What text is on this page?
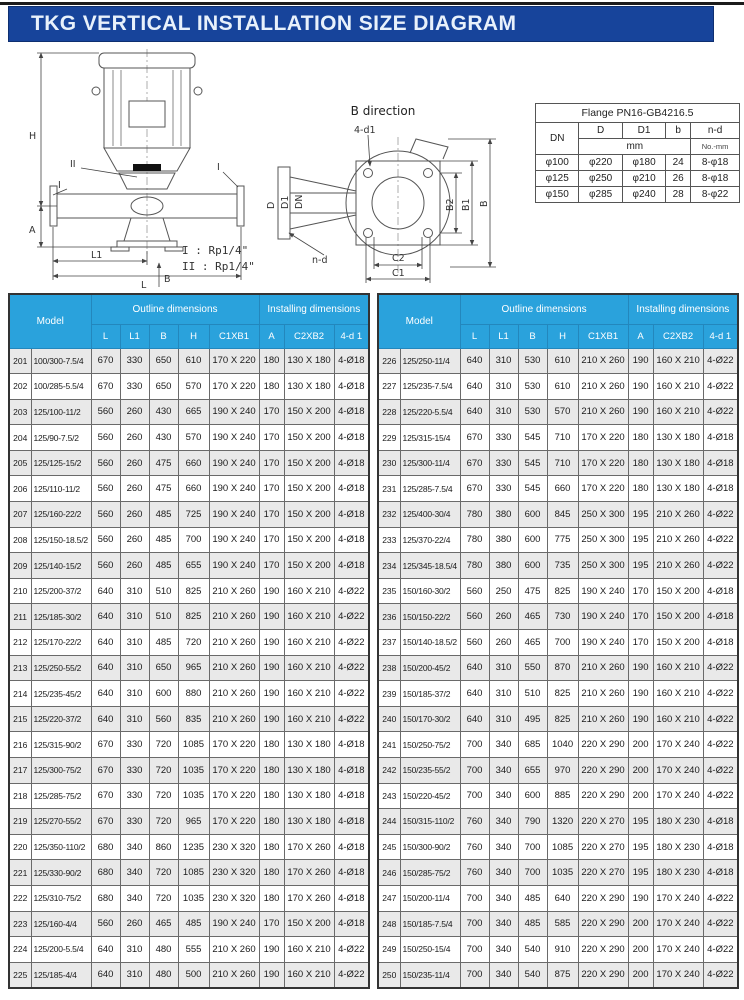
TKG VERTICAL INSTALLATION SIZE DIAGRAM
H
A
L1
L
B
II
I
I
B direction
4-d1
D D1 DN
n-d	C2
C1
B2 B1 B
I : Rp1/4"
II : Rp1/4"
Flange PN16-GB4216.5				
DN	D	D1	b	n-d
	mm			No.-mm
φ100	φ220	φ180	24	8-φ18
φ125	φ250	φ210	26	8-φ18
φ150	φ285	φ240	28	8-φ22
Model		Outline dimensions					Installing dimensions		
		L	L1	B	H	C1XB1	A	C2XB2	4-d 1
201	100/300-7.5/4	670	330	650	610	170 X 220	180	130 X 180	4-Ø18
202	100/285-5.5/4	670	330	650	570	170 X 220	180	130 X 180	4-Ø18
203	125/100-11/2	560	260	430	665	190 X 240	170	150 X 200	4-Ø18
204	125/90-7.5/2	560	260	430	570	190 X 240	170	150 X 200	4-Ø18
205	125/125-15/2	560	260	475	660	190 X 240	170	150 X 200	4-Ø18
206	125/110-11/2	560	260	475	660	190 X 240	170	150 X 200	4-Ø18
207	125/160-22/2	560	260	485	725	190 X 240	170	150 X 200	4-Ø18
208	125/150-18.5/2	560	260	485	700	190 X 240	170	150 X 200	4-Ø18
209	125/140-15/2	560	260	485	655	190 X 240	170	150 X 200	4-Ø18
210	125/200-37/2	640	310	510	825	210 X 260	190	160 X 210	4-Ø22
211	125/185-30/2	640	310	510	825	210 X 260	190	160 X 210	4-Ø22
212	125/170-22/2	640	310	485	720	210 X 260	190	160 X 210	4-Ø22
213	125/250-55/2	640	310	650	965	210 X 260	190	160 X 210	4-Ø22
214	125/235-45/2	640	310	600	880	210 X 260	190	160 X 210	4-Ø22
215	125/220-37/2	640	310	560	835	210 X 260	190	160 X 210	4-Ø22
216	125/315-90/2	670	330	720	1085	170 X 220	180	130 X 180	4-Ø18
217	125/300-75/2	670	330	720	1035	170 X 220	180	130 X 180	4-Ø18
218	125/285-75/2	670	330	720	1035	170 X 220	180	130 X 180	4-Ø18
219	125/270-55/2	670	330	720	965	170 X 220	180	130 X 180	4-Ø18
220	125/350-110/2	680	340	860	1235	230 X 320	180	170 X 260	4-Ø18
221	125/330-90/2	680	340	720	1085	230 X 320	180	170 X 260	4-Ø18
222	125/310-75/2	680	340	720	1035	230 X 320	180	170 X 260	4-Ø18
223	125/160-4/4	560	260	465	485	190 X 240	170	150 X 200	4-Ø18
224	125/200-5.5/4	640	310	480	555	210 X 260	190	160 X 210	4-Ø22
225	125/185-4/4	640	310	480	500	210 X 260	190	160 X 210	4-Ø22
Model		Outline dimensions					Installing dimensions		
		L	L1	B	H	C1XB1	A	C2XB2	4-d 1
226	125/250-11/4	640	310	530	610	210 X 260	190	160 X 210	4-Ø22
227	125/235-7.5/4	640	310	530	610	210 X 260	190	160 X 210	4-Ø22
228	125/220-5.5/4	640	310	530	570	210 X 260	190	160 X 210	4-Ø22
229	125/315-15/4	670	330	545	710	170 X 220	180	130 X 180	4-Ø18
230	125/300-11/4	670	330	545	710	170 X 220	180	130 X 180	4-Ø18
231	125/285-7.5/4	670	330	545	660	170 X 220	180	130 X 180	4-Ø18
232	125/400-30/4	780	380	600	845	250 X 300	195	210 X 260	4-Ø22
233	125/370-22/4	780	380	600	775	250 X 300	195	210 X 260	4-Ø22
234	125/345-18.5/4	780	380	600	735	250 X 300	195	210 X 260	4-Ø22
235	150/160-30/2	560	250	475	825	190 X 240	170	150 X 200	4-Ø18
236	150/150-22/2	560	260	465	730	190 X 240	170	150 X 200	4-Ø18
237	150/140-18.5/2	560	260	465	700	190 X 240	170	150 X 200	4-Ø18
238	150/200-45/2	640	310	550	870	210 X 260	190	160 X 210	4-Ø22
239	150/185-37/2	640	310	510	825	210 X 260	190	160 X 210	4-Ø22
240	150/170-30/2	640	310	495	825	210 X 260	190	160 X 210	4-Ø22
241	150/250-75/2	700	340	685	1040	220 X 290	200	170 X 240	4-Ø22
242	150/235-55/2	700	340	655	970	220 X 290	200	170 X 240	4-Ø22
243	150/220-45/2	700	340	600	885	220 X 290	200	170 X 240	4-Ø22
244	150/315-110/2	760	340	790	1320	220 X 270	195	180 X 230	4-Ø18
245	150/300-90/2	760	340	700	1085	220 X 270	195	180 X 230	4-Ø18
246	150/285-75/2	760	340	700	1035	220 X 270	195	180 X 230	4-Ø18
247	150/200-11/4	700	340	485	640	220 X 290	190	170 X 240	4-Ø22
248	150/185-7.5/4	700	340	485	585	220 X 290	200	170 X 240	4-Ø22
249	150/250-15/4	700	340	540	910	220 X 290	200	170 X 240	4-Ø22
250	150/235-11/4	700	340	540	875	220 X 290	200	170 X 240	4-Ø22
